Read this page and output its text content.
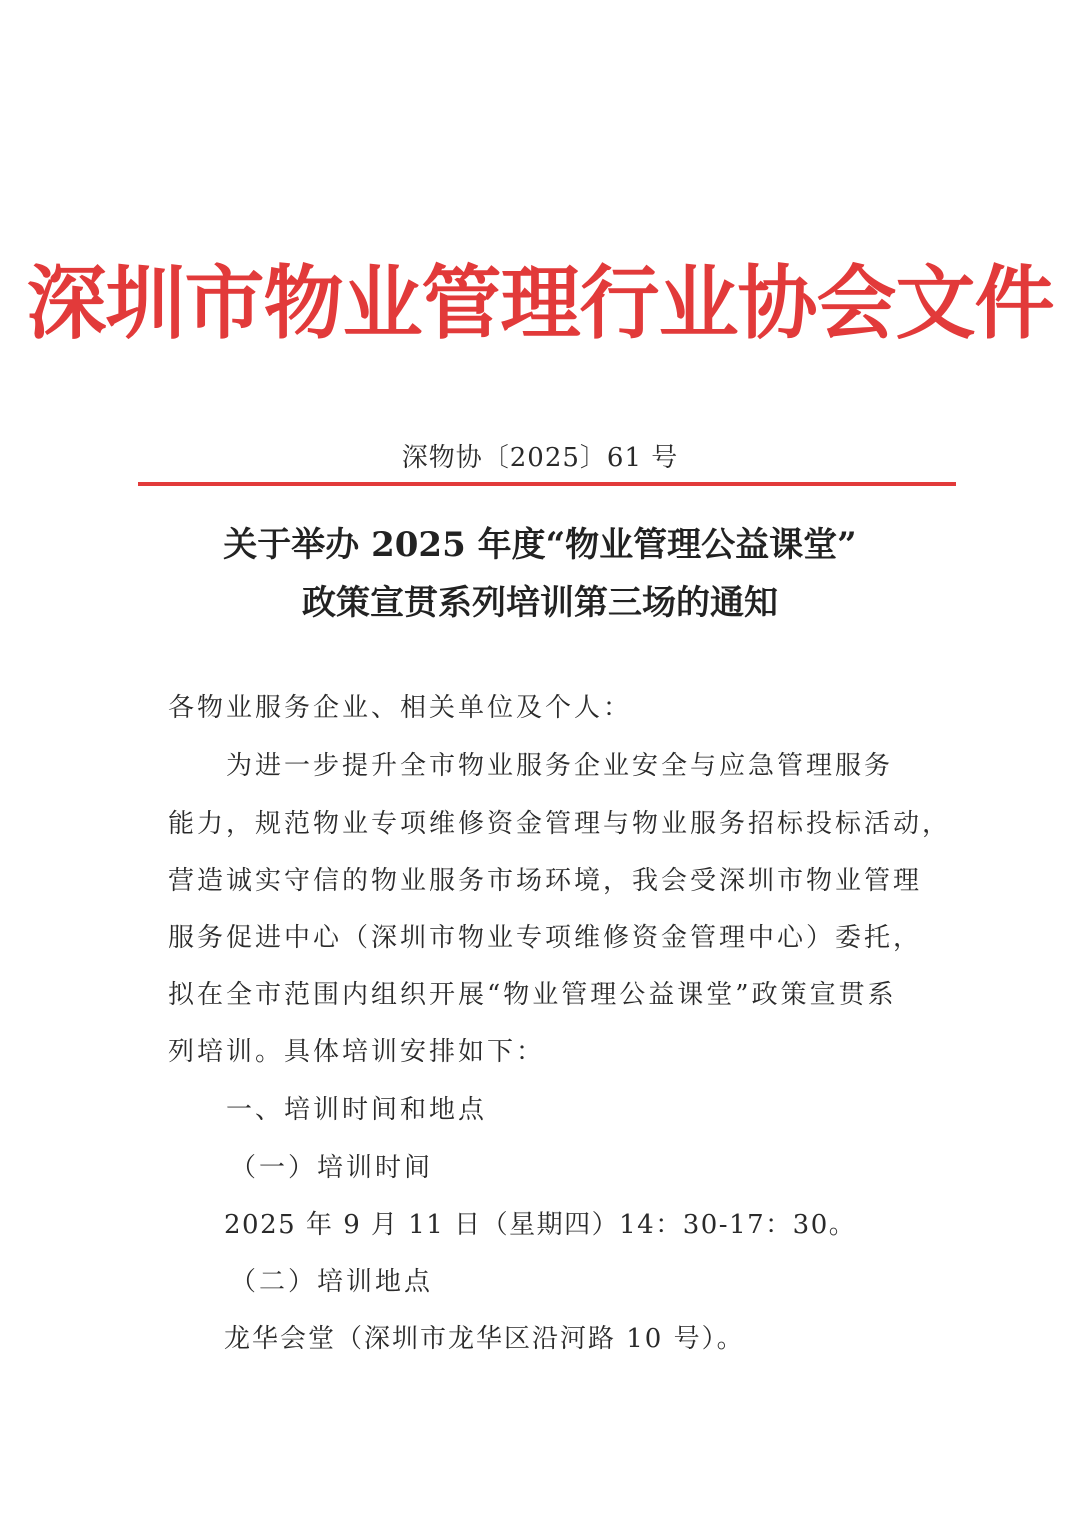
深圳市物业管理行业协会文件
深物协〔2025〕61 号
关于举办 2025 年度“物业管理公益课堂”
政策宣贯系列培训第三场的通知
各物业服务企业、相关单位及个人：
为进一步提升全市物业服务企业安全与应急管理服务
能力，规范物业专项维修资金管理与物业服务招标投标活动，
营造诚实守信的物业服务市场环境，我会受深圳市物业管理
服务促进中心（深圳市物业专项维修资金管理中心）委托，
拟在全市范围内组织开展“物业管理公益课堂”政策宣贯系
列培训。具体培训安排如下：
一、培训时间和地点
（一）培训时间
2025 年 9 月 11 日（星期四）14：30-17：30。
（二）培训地点
龙华会堂（深圳市龙华区沿河路 10 号）。
